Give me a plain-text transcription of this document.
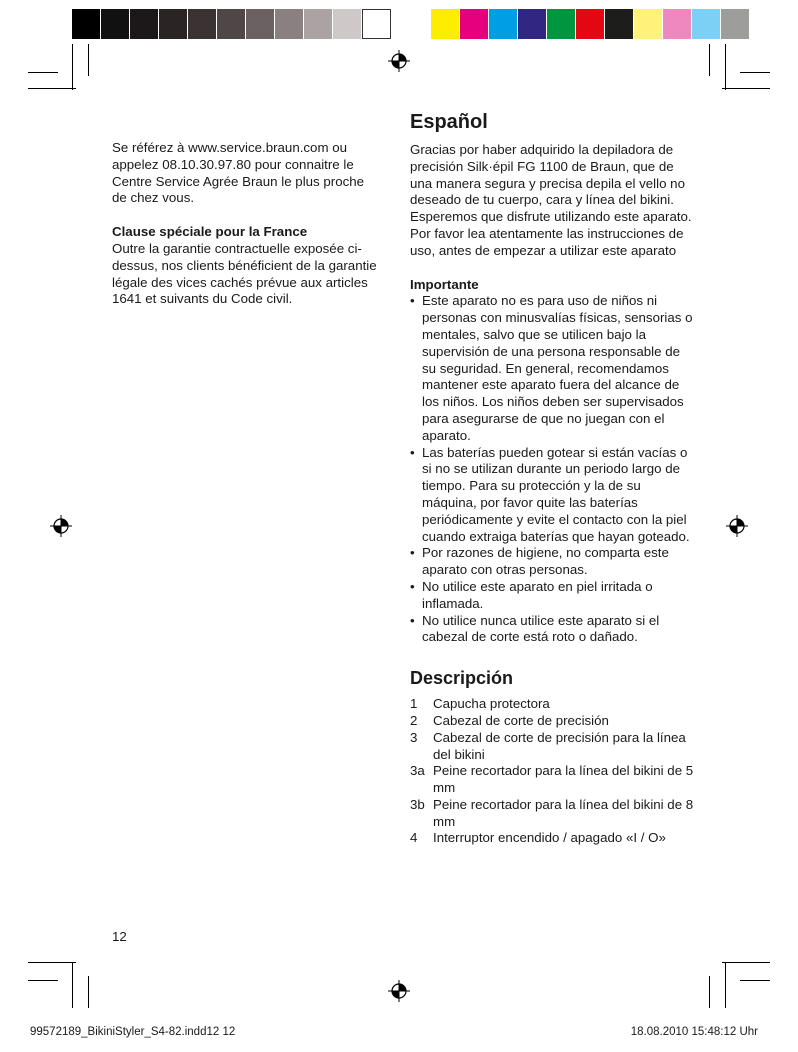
Se référez à www.service.braun.com ou appelez 08.10.30.97.80 pour connaitre le Centre Service Agrée Braun le plus proche de chez vous.

Clause spéciale pour la France

Outre la garantie contractuelle exposée ci-dessus, nos clients bénéficient de la garantie légale des vices cachés prévue aux articles 1641 et suivants du Code civil.

Español

Gracias por haber adquirido la depiladora de precisión Silk·épil FG 1100 de Braun, que de una manera segura y precisa depila el vello no deseado de tu cuerpo, cara y línea del bikini. Esperemos que disfrute utilizando este aparato.

Por favor lea atentamente las instrucciones de uso, antes de empezar a utilizar este aparato

Importante

• Este aparato no es para uso de niños ni personas con minusvalías físicas, sensorias o mentales, salvo que se utilicen bajo la supervisión de una persona responsable de su seguridad. En general, recomendamos mantener este aparato fuera del alcance de los niños. Los niños deben ser supervisados para asegurarse de que no juegan con el aparato.
• Las baterías pueden gotear si están vacías o si no se utilizan durante un periodo largo de tiempo. Para su protección y la de su máquina, por favor quite las baterías periódicamente y evite el contacto con la piel cuando extraiga baterías que hayan goteado.
• Por razones de higiene, no comparta este aparato con otras personas.
• No utilice este aparato en piel irritada o inflamada.
• No utilice nunca utilice este aparato si el cabezal de corte está roto o dañado.
Descripción
1	Capucha protectora
2	Cabezal de corte de precisión
3	Cabezal de corte de precisión para la línea del bikini
3a Peine recortador para la línea del bikini de 5 mm
3b Peine recortador para la línea del bikini de 8 mm
4	Interruptor encendido / apagado «I / O»
12
99572189_BikiniStyler_S4-82.indd12 12	18.08.2010 15:48:12 Uhr
